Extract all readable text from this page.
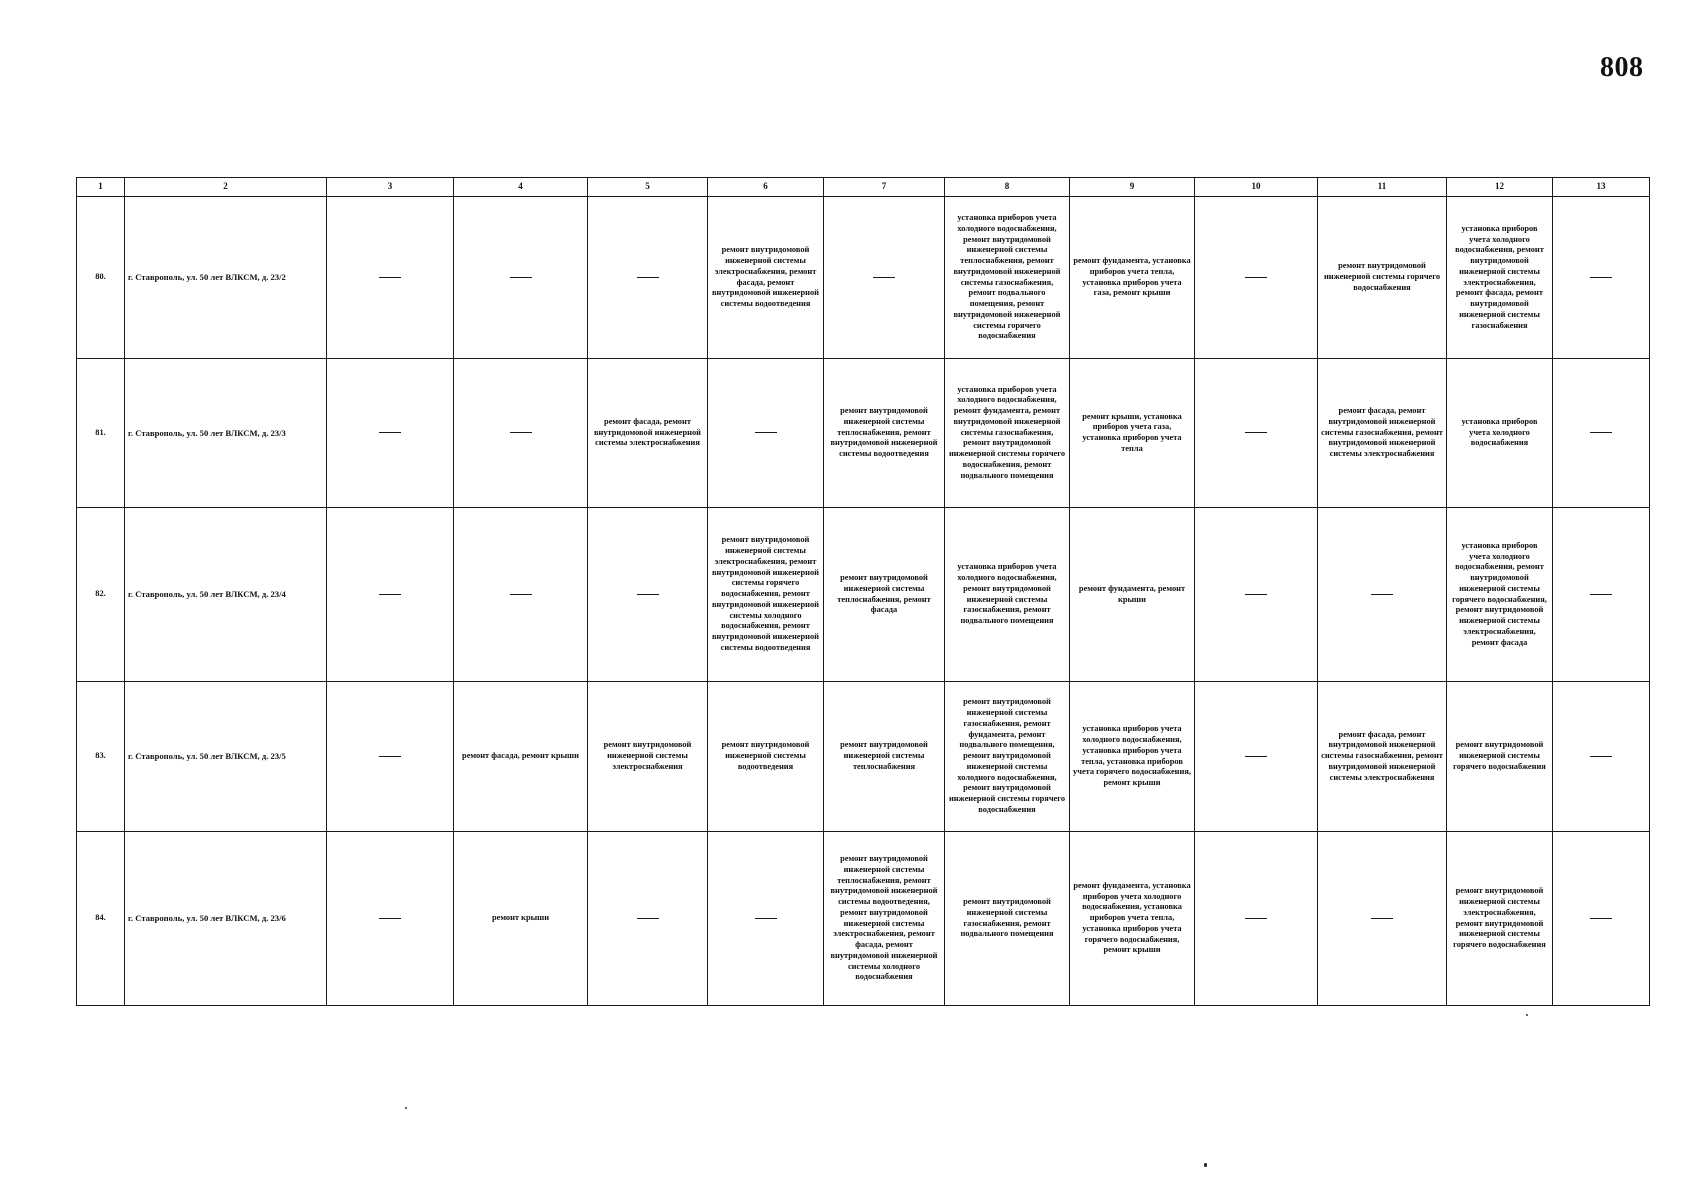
808
1	2	3	4	5	6	7	8	9	10	11	12	13
80.	г. Ставрополь, ул. 50 лет ВЛКСМ, д. 23/2				ремонт внутридомовой инженерной системы электроснабжения, ремонт фасада, ремонт внутридомовой инженерной системы водоотведения		установка приборов учета холодного водоснабжения, ремонт внутридомовой инженерной системы теплоснабжения, ремонт внутридомовой инженерной системы газоснабжения, ремонт подвального помещения, ремонт внутридомовой инженерной системы горячего водоснабжения	ремонт фундамента, установка приборов учета тепла, установка приборов учета газа, ремонт крыши		ремонт внутридомовой инженерной системы горячего водоснабжения	установка приборов учета холодного водоснабжения, ремонт внутридомовой инженерной системы электроснабжения, ремонт фасада, ремонт внутридомовой инженерной системы газоснабжения	
81.	г. Ставрополь, ул. 50 лет ВЛКСМ, д. 23/3			ремонт фасада, ремонт внутридомовой инженерной системы электроснабжения		ремонт внутридомовой инженерной системы теплоснабжения, ремонт внутридомовой инженерной системы водоотведения	установка приборов учета холодного водоснабжения, ремонт фундамента, ремонт внутридомовой инженерной системы газоснабжения, ремонт внутридомовой инженерной системы горячего водоснабжения, ремонт подвального помещения	ремонт крыши, установка приборов учета газа, установка приборов учета тепла		ремонт фасада, ремонт внутридомовой инженерной системы газоснабжения, ремонт внутридомовой инженерной системы электроснабжения	установка приборов учета холодного водоснабжения	
82.	г. Ставрополь, ул. 50 лет ВЛКСМ, д. 23/4				ремонт внутридомовой инженерной системы электроснабжения, ремонт внутридомовой инженерной системы горячего водоснабжения, ремонт внутридомовой инженерной системы холодного водоснабжения, ремонт внутридомовой инженерной системы водоотведения	ремонт внутридомовой инженерной системы теплоснабжения, ремонт фасада	установка приборов учета холодного водоснабжения, ремонт внутридомовой инженерной системы газоснабжения, ремонт подвального помещения	ремонт фундамента, ремонт крыши			установка приборов учета холодного водоснабжения, ремонт внутридомовой инженерной системы горячего водоснабжения, ремонт внутридомовой инженерной системы электроснабжения, ремонт фасада	
83.	г. Ставрополь, ул. 50 лет ВЛКСМ, д. 23/5		ремонт фасада, ремонт крыши	ремонт внутридомовой инженерной системы электроснабжения	ремонт внутридомовой инженерной системы водоотведения	ремонт внутридомовой инженерной системы теплоснабжения	ремонт внутридомовой инженерной системы газоснабжения, ремонт фундамента, ремонт подвального помещения, ремонт внутридомовой инженерной системы холодного водоснабжения, ремонт внутридомовой инженерной системы горячего водоснабжения	установка приборов учета холодного водоснабжения, установка приборов учета тепла, установка приборов учета горячего водоснабжения, ремонт крыши		ремонт фасада, ремонт внутридомовой инженерной системы газоснабжения, ремонт внутридомовой инженерной системы электроснабжения	ремонт внутридомовой инженерной системы горячего водоснабжения	
84.	г. Ставрополь, ул. 50 лет ВЛКСМ, д. 23/6		ремонт крыши			ремонт внутридомовой инженерной системы теплоснабжения, ремонт внутридомовой инженерной системы водоотведения, ремонт внутридомовой инженерной системы электроснабжения, ремонт фасада, ремонт внутридомовой инженерной системы холодного водоснабжения	ремонт внутридомовой инженерной системы газоснабжения, ремонт подвального помещения	ремонт фундамента, установка приборов учета холодного водоснабжения, установка приборов учета тепла, установка приборов учета горячего водоснабжения, ремонт крыши			ремонт внутридомовой инженерной системы электроснабжения, ремонт внутридомовой инженерной системы горячего водоснабжения	
